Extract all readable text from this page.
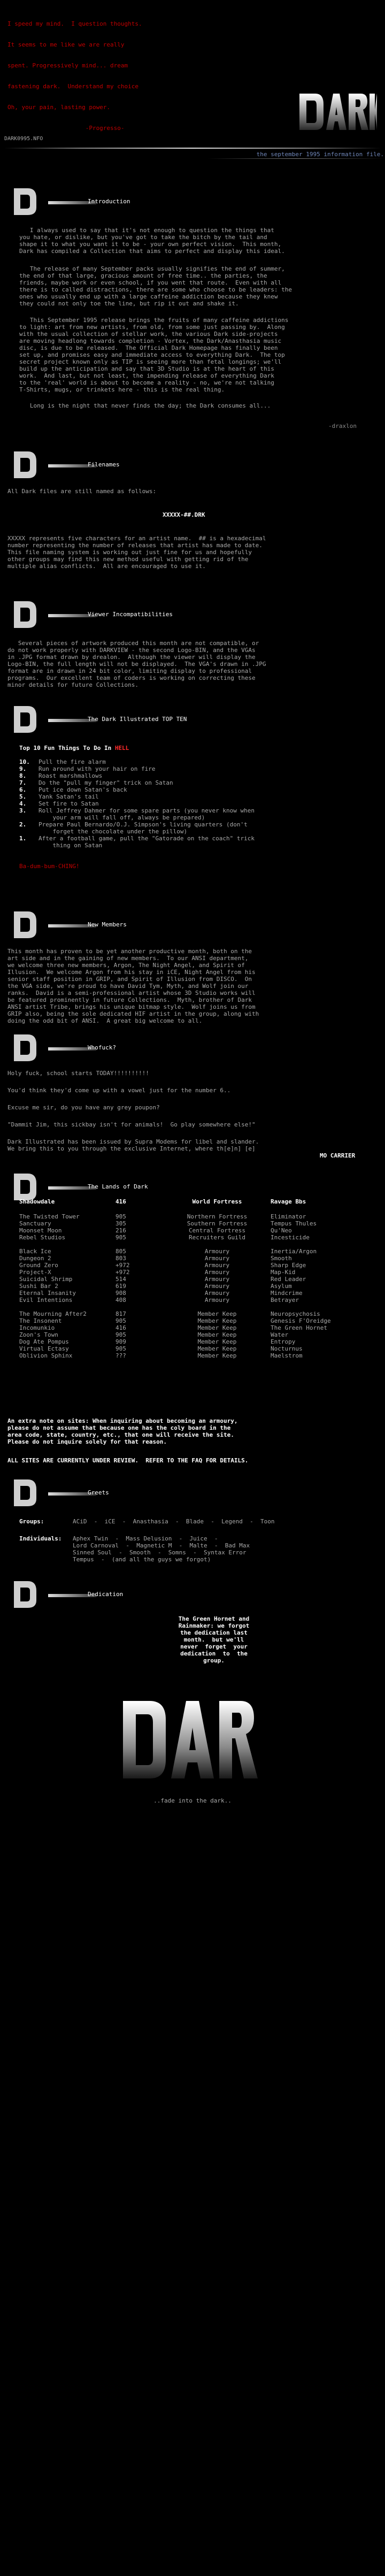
I speed my mind.  I question thoughts.

It seems to me like we are really

spent. Progressively mind... dream

fastening dark.  Understand my choice

Oh, your pain, lasting power.

-Progresso-

DARK0995.NFO
the september 1995 information file.
Introduction
I always used to say that it's not enough to question the things that
you hate, or dislike, but you've got to take the bitch by the tail and
shape it to what you want it to be - your own perfect vision.  This month,
Dark has compiled a Collection that aims to perfect and display this ideal.
The release of many September packs usually signifies the end of summer,
the end of that large, gracious amount of free time.. the parties, the
friends, maybe work or even school, if you went that route.  Even with all
there is to called distractions, there are some who choose to be leaders: the
ones who usually end up with a large caffeine addiction because they knew
they could not only toe the line, but rip it out and shake it.
This September 1995 release brings the fruits of many caffeine addictions
to light: art from new artists, from old, from some just passing by.  Along
with the usual collection of stellar work, the various Dark side-projects
are moving headlong towards completion - Vortex, the Dark/Anasthasia music
disc, is due to be released.  The Official Dark Homepage has finally been
set up, and promises easy and immediate access to everything Dark.  The top
secret project known only as TIP is seeing more than fetal longings; we'll
build up the anticipation and say that 3D Studio is at the heart of this
work.  And last, but not least, the impending release of everything Dark
to the 'real' world is about to become a reality - no, we're not talking
T-Shirts, mugs, or trinkets here - this is the real thing.
Long is the night that never finds the day; the Dark consumes all...
-draxlon
Filenames
All Dark files are still named as follows:
XXXXX-##.DRK
XXXXX represents five characters for an artist name.  ## is a hexadecimal
number representing the number of releases that artist has made to date.
This file naming system is working out just fine for us and hopefully
other groups may find this new method useful with getting rid of the
multiple alias conflicts.  All are encouraged to use it.
Viewer Incompatibilities
Several pieces of artwork produced this month are not compatible, or
do not work properly with DARKVIEW - the second Logo-BIN, and the VGAs
in .JPG format drawn by drealon.  Although the viewer will display the
Logo-BIN, the full length will not be displayed.  The VGA's drawn in .JPG
format are in drawn in 24 bit color, limiting display to professional
programs.  Our excellent team of coders is working on correcting these
minor details for future Collections.
The Dark Illustrated TOP TEN
Top 10 Fun Things To Do In HELL
10.	Pull the fire alarm
9.	Run around with your hair on fire
8.	Roast marshmallows
7.	Do the "pull my finger" trick on Satan
6.	Put ice down Satan's back
5.	Yank Satan's tail
4.	Set fire to Satan
3.	Roll Jeffrey Dahmer for some spare parts (you never know when
your arm will fall off, always be prepared)
2.	Prepare Paul Bernardo/O.J. Simpson's living quarters (don't
forget the chocolate under the pillow)
1.	After a football game, pull the "Gatorade on the coach" trick
thing on Satan
Ba-dum-bum-CHING!
New Members
This month has proven to be yet another productive month, both on the
art side and in the gaining of new members.  To our ANSI department,
we welcome three new members, Argon, The Night Angel, and Spirit of
Illusion.  We welcome Argon from his stay in iCE, Night Angel from his
senior staff position in GRIP, and Spirit of Illusion from DISCO.  On
the VGA side, we're proud to have David Tym, Myth, and Wolf join our
ranks.  David is a semi-professional artist whose 3D Studio works will
be featured prominently in future Collections.  Myth, brother of Dark
ANSI artist Tribe, brings his unique bitmap style.  Wolf joins us from
GRIP also, being the sole dedicated HIF artist in the group, along with
doing the odd bit of ANSI.  A great big welcome to all.
Whofuck?
Holy fuck, school starts TODAY!!!!!!!!!!
You'd think they'd come up with a vowel just for the number 6..
Excuse me sir, do you have any grey poupon?
"Dammit Jim, this sickbay isn't for animals!  Go play somewhere else!"
Dark Illustrated has been issued by Supra Modems for libel and slander.
We bring this to you through the exclusive Internet, where th[e]n] [e]
MO CARRIER
The Lands of Dark
Shadowdale	416	World Fortress	Ravage Bbs
The Twisted Tower	905	Northern Fortress	Eliminator
Sanctuary	305	Southern Fortress	Tempus Thules
Moonset Moon	216	Central Fortress	Qu'Neo
Rebel Studios	905	Recruiters Guild	Incesticide
Black Ice	805	Armoury	Inertia/Argon
Dungeon 2	803	Armoury	Smooth
Ground Zero	+972	Armoury	Sharp Edge
Project-X	+972	Armoury	Map-Kid
Suicidal Shrimp	514	Armoury	Red Leader
Sushi Bar 2	619	Armoury	Asylum
Eternal Insanity	908	Armoury	Mindcrime
Evil Intentions	408	Armoury	Betrayer
The Mourning After2	817	Member Keep	Neuropsychosis
The Insonent	905	Member Keep	Genesis F'Oreidge
Incomunkio	416	Member Keep	The Green Hornet
Zoon's Town	905	Member Keep	Water
Dog Ate Pompus	909	Member Keep	Entropy
Virtual Ectasy	905	Member Keep	Nocturnus
Oblivion Sphinx	???	Member Keep	Maelstrom
An extra note on sites: When inquiring about becoming an armoury,
please do not assume that because one has the coly board in the
area code, state, country, etc., that one will receive the site.
Please do not inquire solely for that reason.
ALL SITES ARE CURRENTLY UNDER REVIEW.  REFER TO THE FAQ FOR DETAILS.
Greets
Groups:	ACiD  -  iCE  -  Anasthasia  -  Blade  -  Legend  -  Toon
Individuals:	Aphex Twin  -  Mass Delusion  -  Juice  -
Lord Carnoval  -  Magnetic M  -  Malte  -  Bad Max
Sinned Soul  -  Smooth  -  Somns  -  Syntax Error
Tempus  -  (and all the guys we forgot)
Dedication
The Green Hornet and
Rainmaker: we forgot
the dedication last
month.  but we'll
never  forget  your
dedication  to  the
group.
..fade into the dark..
